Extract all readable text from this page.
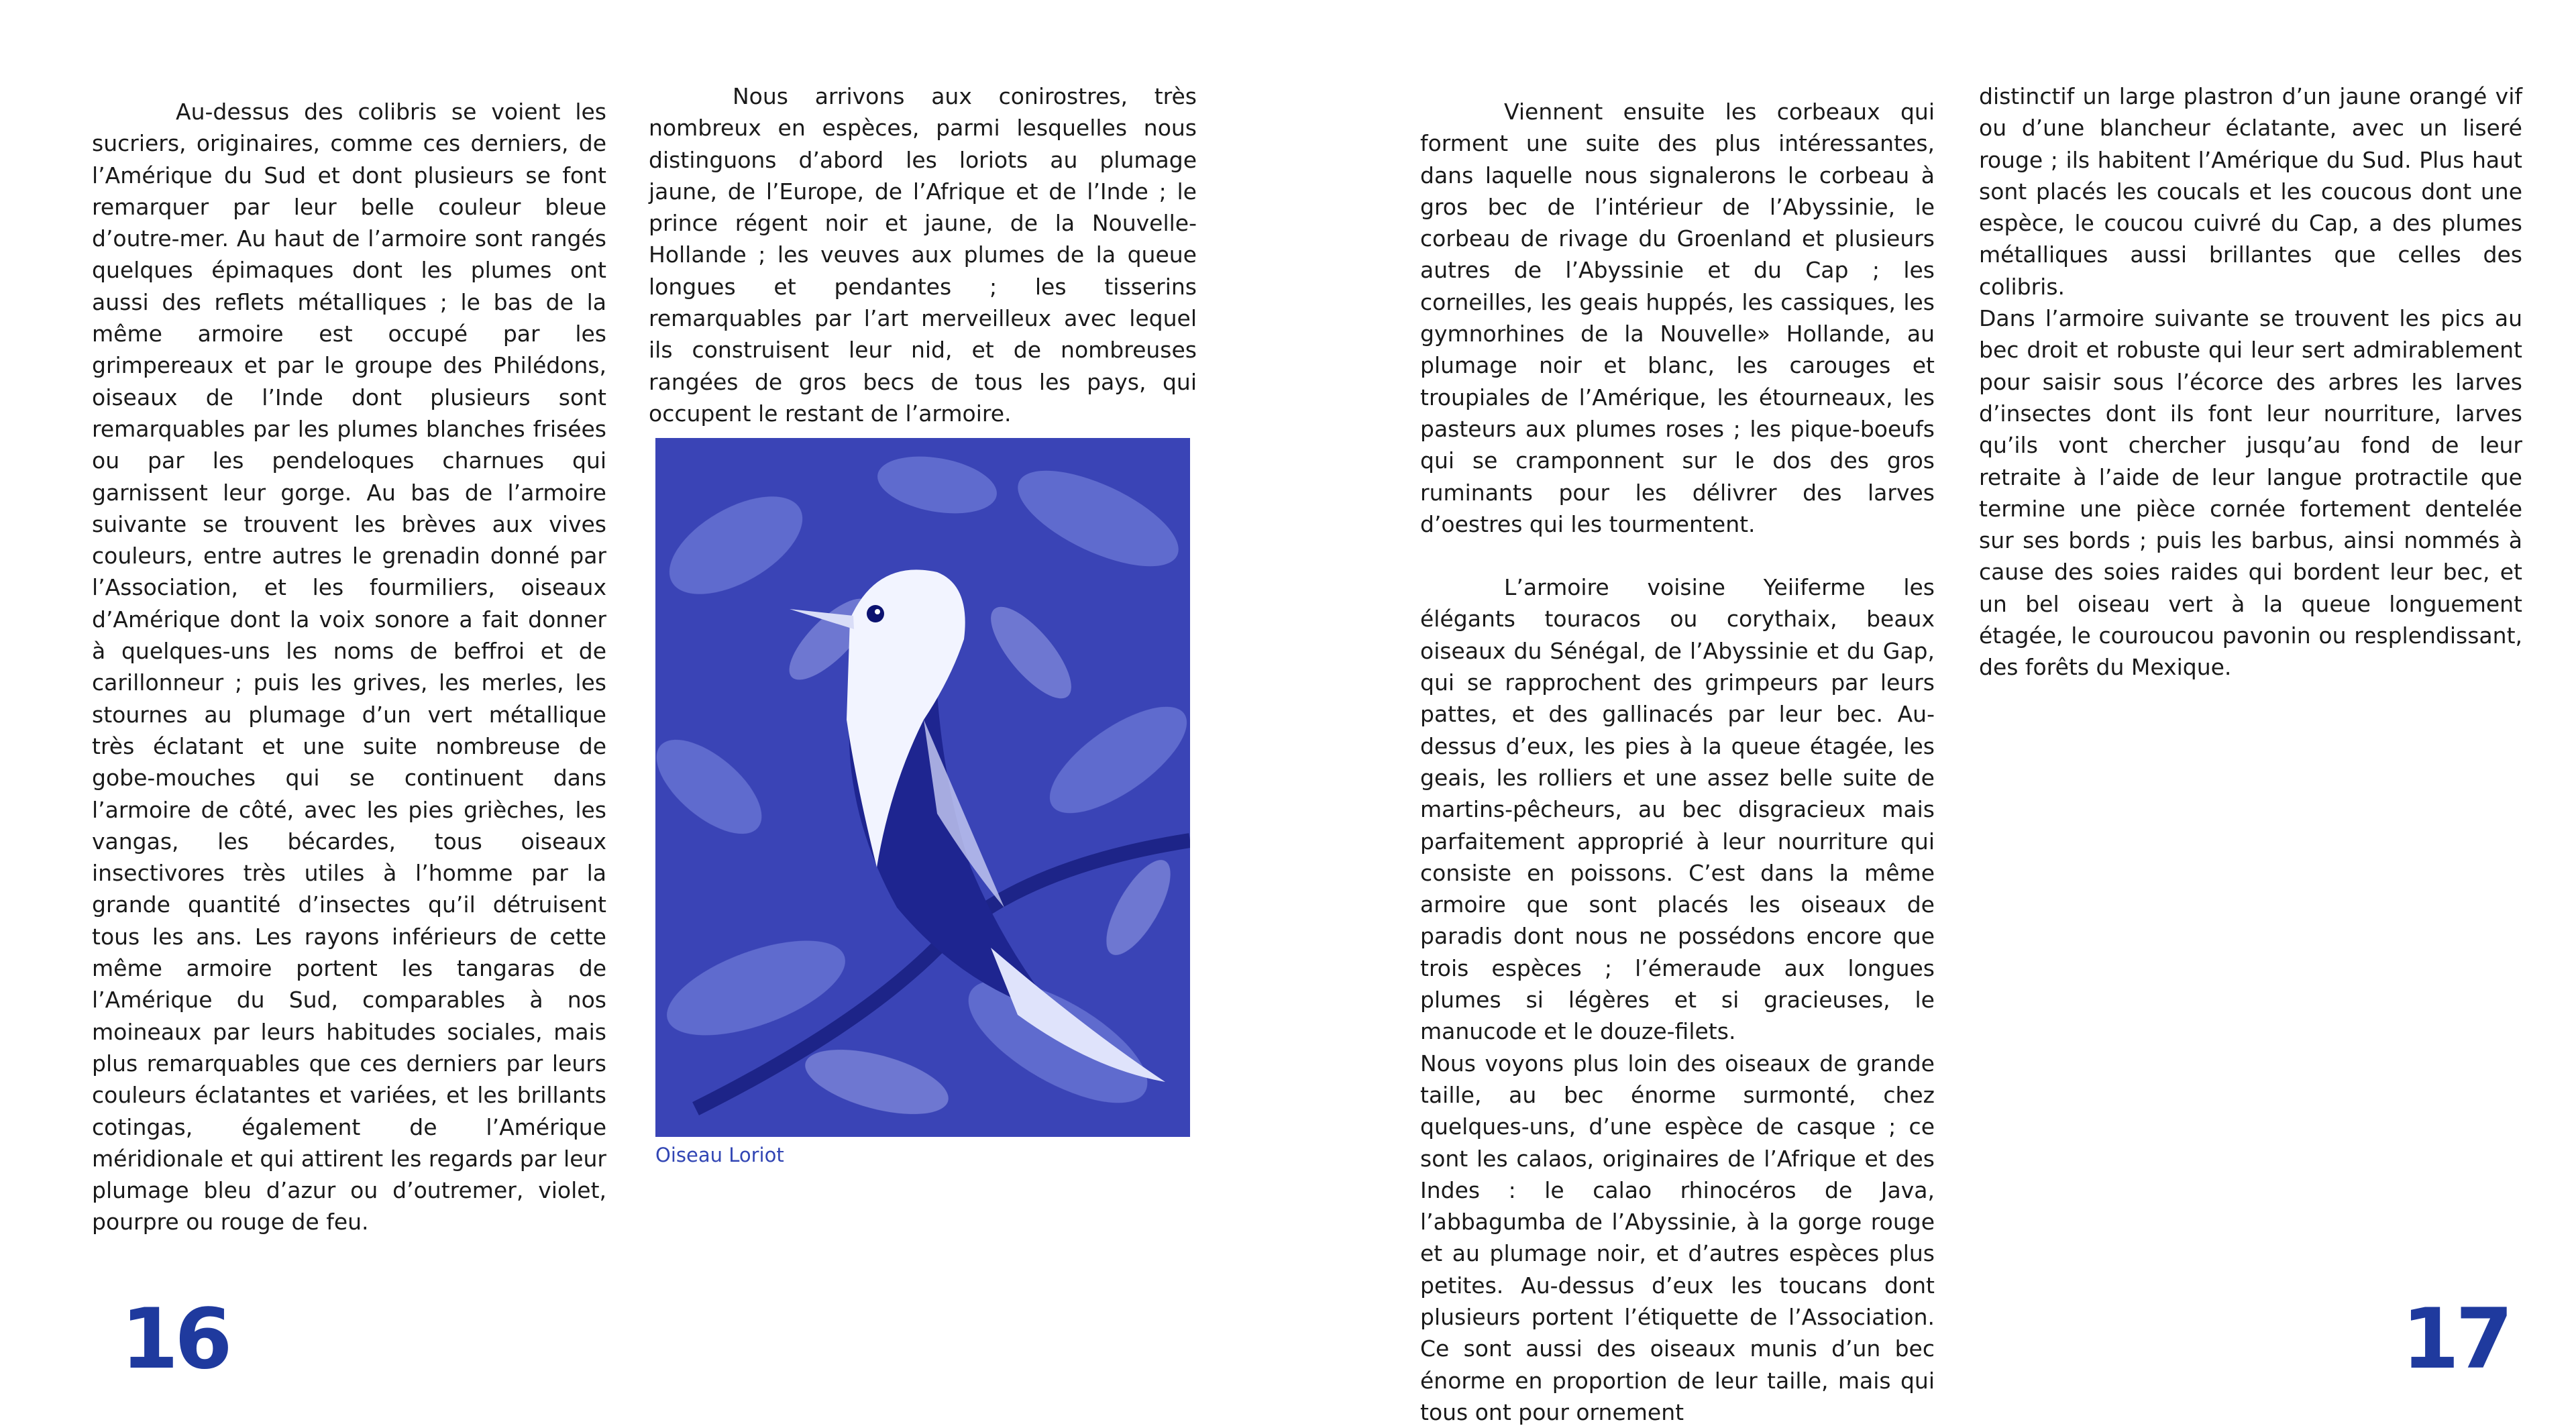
Au-dessus des colibris se voient les sucriers, originaires, comme ces derniers, de l’Amérique du Sud et dont plusieurs se font remarquer par leur belle couleur bleue d’outre-mer. Au haut de l’armoire sont rangés quelques épimaques dont les plumes ont aussi des reflets métalliques ; le bas de la même armoire est occupé par les grimpereaux et par le groupe des Philédons, oiseaux de l’Inde dont plusieurs sont remarquables par les plumes blanches frisées ou par les pendeloques charnues qui garnissent leur gorge. Au bas de l’armoire suivante se trouvent les brèves aux vives couleurs, entre autres le grenadin donné par l’Association, et les fourmiliers, oiseaux d’Amérique dont la voix sonore a fait donner à quelques-uns les noms de beffroi et de carillonneur ; puis les grives, les merles, les stournes au plumage d’un vert métallique très éclatant et une suite nombreuse de gobe-mouches qui se continuent dans l’armoire de côté, avec les pies grièches, les vangas, les bécardes, tous oiseaux insectivores très utiles à l’homme par la grande quantité d’insectes qu’il détruisent tous les ans. Les rayons inférieurs de cette même armoire portent les tangaras de l’Amérique du Sud, comparables à nos moineaux par leurs habitudes sociales, mais plus remarquables que ces derniers par leurs couleurs éclatantes et variées, et les brillants cotingas, également de l’Amérique méridionale et qui attirent les regards par leur plumage bleu d’azur ou d’outremer, violet, pourpre ou rouge de feu.

Nous arrivons aux conirostres, très nombreux en espèces, parmi lesquelles nous distinguons d’abord les loriots au plumage jaune, de l’Europe, de l’Afrique et de l’Inde ; le prince régent noir et jaune, de la Nouvelle-Hollande ; les veuves aux plumes de la queue longues et pendantes ; les tisserins remarquables par l’art merveilleux avec lequel ils construisent leur nid, et de nombreuses rangées de gros becs de tous les pays, qui occupent le restant de l’armoire.

Oiseau Loriot
16

Viennent ensuite les corbeaux qui forment une suite des plus intéressantes, dans laquelle nous signalerons le corbeau à gros bec de l’intérieur de l’Abyssinie, le corbeau de rivage du Groenland et plusieurs autres de l’Abyssinie et du Cap ; les corneilles, les geais huppés, les cassiques, les gymnorhines de la Nouvelle» Hollande, au plumage noir et blanc, les carouges et troupiales de l’Amérique, les étourneaux, les pasteurs aux plumes roses ; les pique-boeufs qui se cramponnent sur le dos des gros ruminants pour les délivrer des larves d’oestres qui les tourmentent.

L’armoire voisine Yeiiferme les élégants touracos ou corythaix, beaux oiseaux du Sénégal, de l’Abyssinie et du Gap, qui se rapprochent des grimpeurs par leurs pattes, et des gallinacés par leur bec. Au-dessus d’eux, les pies à la queue étagée, les geais, les rolliers et une assez belle suite de martins-pêcheurs, au bec disgracieux mais parfaitement approprié à leur nourriture qui consiste en poissons. C’est dans la même armoire que sont placés les oiseaux de paradis dont nous ne possédons encore que trois espèces ; l’émeraude aux longues plumes si légères et si gracieuses, le manucode et le douze-filets.

Nous voyons plus loin des oiseaux de grande taille, au bec énorme surmonté, chez quelques-uns, d’une espèce de casque ; ce sont les calaos, originaires de l’Afrique et des Indes : le calao rhinocéros de Java, l’abbagumba de l’Abyssinie, à la gorge rouge et au plumage noir, et d’autres espèces plus petites. Au-dessus d’eux les toucans dont plusieurs portent l’étiquette de l’Association. Ce sont aussi des oiseaux munis d’un bec énorme en proportion de leur taille, mais qui tous ont pour ornement

distinctif un large plastron d’un jaune orangé vif ou d’une blancheur éclatante, avec un liseré rouge ; ils habitent l’Amérique du Sud. Plus haut sont placés les coucals et les coucous dont une espèce, le coucou cuivré du Cap, a des plumes métalliques aussi brillantes que celles des colibris.

Dans l’armoire suivante se trouvent les pics au bec droit et robuste qui leur sert admirablement pour saisir sous l’écorce des arbres les larves d’insectes dont ils font leur nourriture, larves qu’ils vont chercher jusqu’au fond de leur retraite à l’aide de leur langue protractile que termine une pièce cornée fortement dentelée sur ses bords ; puis les barbus, ainsi nommés à cause des soies raides qui bordent leur bec, et un bel oiseau vert à la queue longuement étagée, le couroucou pavonin ou resplendissant, des forêts du Mexique.

17
